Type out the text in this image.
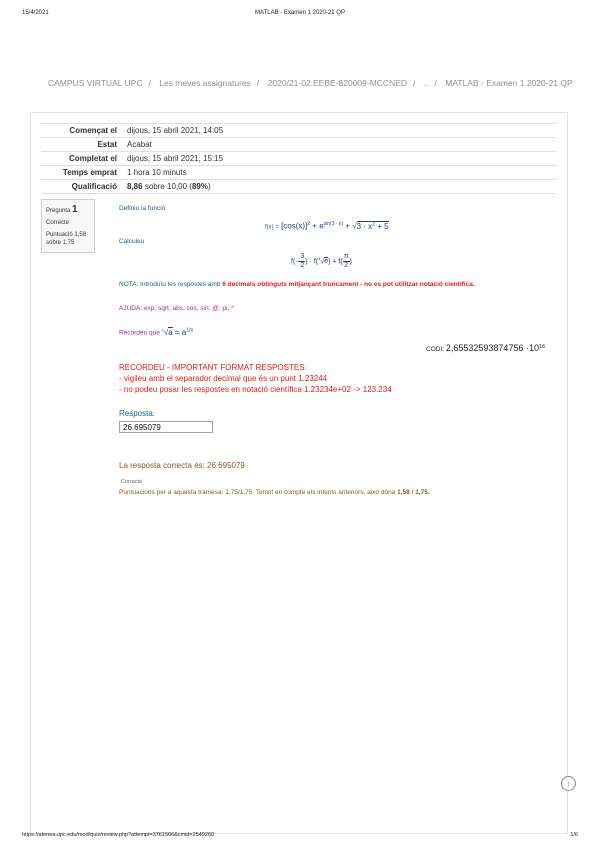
15/4/2021	MATLAB - Examen 1 2020-21 QP
CAMPUS VIRTUAL UPC / Les meves assignatures / 2020/21-02:EEBE-820009-MCCNED / .. / MATLAB - Examen 1 2020-21 QP
Començat el	dijous, 15 abril 2021, 14:05
Estat	Acabat
Completat el	dijous, 15 abril 2021, 15:15
Temps emprat	1 hora 10 minuts
Qualificació	8,86 sobre 10,00 (89%)
Pregunta 1
Correcte
Puntuació 1,58
sobre 1,75
Definiu la funció
$f(x) = [\cos(x)]^2 + e^{sin(3 \cdot x)} + √3 \cdot x^2 + 5$
Calculeu
$f(- \frac{3}{2}$ ) · $f(^3√e) + f( \frac{\pi}{2}$ )
NOTA: Introduïu les respostes amb 6 decimals obtinguts mitjançant truncament - no es pot utilitzar notació científica.
AJUDA: exp, sqrt, abs, cos, sin, @, pi, ^
Recordeu que $^n√a = a^{1/n}$
CODI: $2,65532593874756 \cdot 10^{16}$
RECORDEU - IMPORTANT FORMAT RESPOSTES:
- vigileu amb el separador decimal que és un punt 1.23244
- no podeu posar les respostes en notació científica 1.23234e+02 -> 123.234
Resposta:
26.695079
La resposta correcta és: 26.695079
Correcte
Puntuacions per a aquesta tramesa: 1,75/1,75. Tenint en compte els intents anteriors, això dóna 1,58 / 1,75.
↑
https://atenea.upc.edu/mod/quiz/review.php?attempt=3761566&cmid=2549260	1/6
